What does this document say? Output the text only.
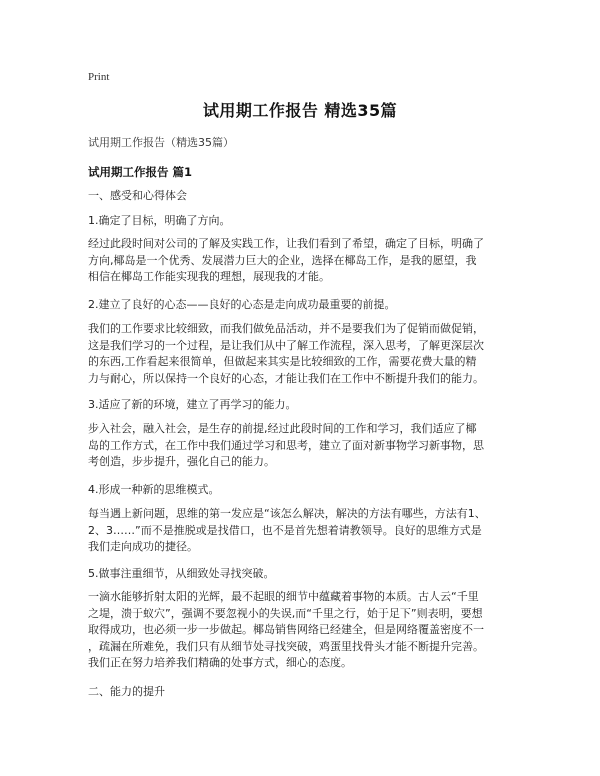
Print
试用期工作报告 精选35篇
试用期工作报告（精选35篇）
试用期工作报告 篇1
一、感受和心得体会
1.确定了目标，明确了方向。
经过此段时间对公司的了解及实践工作，让我们看到了希望，确定了目标，明确了
方向,椰岛是一个优秀、发展潜力巨大的企业，选择在椰岛工作，是我的愿望，我
相信在椰岛工作能实现我的理想，展现我的才能。
2.建立了良好的心态——良好的心态是走向成功最重要的前提。
我们的工作要求比较细致，而我们做免品活动，并不是要我们为了促销而做促销，
这是我们学习的一个过程，是让我们从中了解工作流程，深入思考，了解更深层次
的东西,工作看起来很简单，但做起来其实是比较细致的工作，需要花费大量的精
力与耐心，所以保持一个良好的心态，才能让我们在工作中不断提升我们的能力。
3.适应了新的环境，建立了再学习的能力。
步入社会，融入社会，是生存的前提,经过此段时间的工作和学习，我们适应了椰
岛的工作方式，在工作中我们通过学习和思考，建立了面对新事物学习新事物，思
考创造，步步提升，强化自己的能力。
4.形成一种新的思维模式。
每当遇上新问题，思维的第一发应是“该怎么解决，解决的方法有哪些，方法有1、
2、3……”而不是推脱或是找借口，也不是首先想着请教领导。良好的思维方式是
我们走向成功的捷径。
5.做事注重细节，从细致处寻找突破。
一滴水能够折射太阳的光辉，最不起眼的细节中蕴藏着事物的本质。古人云“千里
之堤，溃于蚁穴”，强调不要忽视小的失误,而“千里之行，始于足下”则表明，要想
取得成功，也必须一步一步做起。椰岛销售网络已经建全，但是网络覆盖密度不一
，疏漏在所难免，我们只有从细节处寻找突破，鸡蛋里找骨头才能不断提升完善。
我们正在努力培养我们精确的处事方式，细心的态度。
二、能力的提升
